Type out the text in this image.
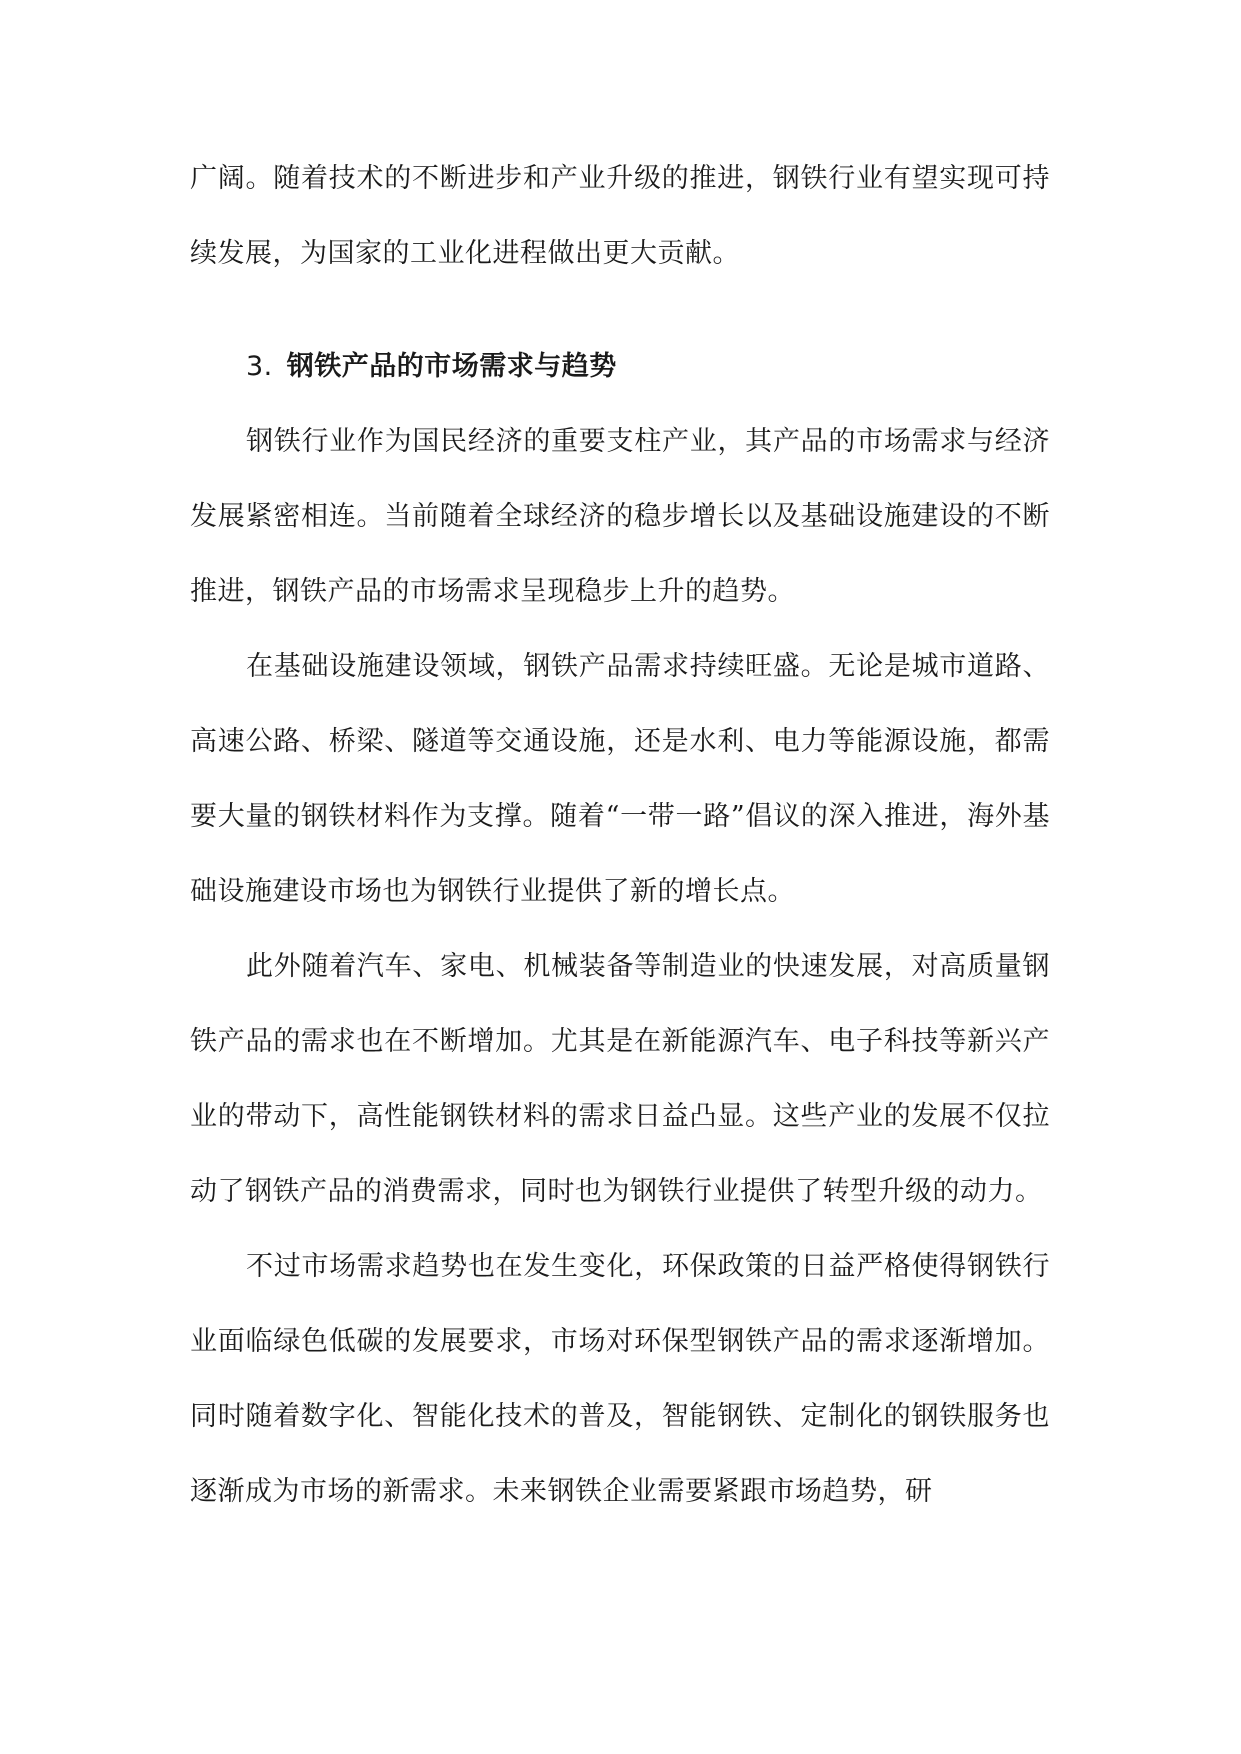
广阔。随着技术的不断进步和产业升级的推进，钢铁行业有望实现可持续发展，为国家的工业化进程做出更大贡献。

3. 钢铁产品的市场需求与趋势

钢铁行业作为国民经济的重要支柱产业，其产品的市场需求与经济发展紧密相连。当前随着全球经济的稳步增长以及基础设施建设的不断推进，钢铁产品的市场需求呈现稳步上升的趋势。

在基础设施建设领域，钢铁产品需求持续旺盛。无论是城市道路、高速公路、桥梁、隧道等交通设施，还是水利、电力等能源设施，都需要大量的钢铁材料作为支撑。随着“一带一路”倡议的深入推进，海外基础设施建设市场也为钢铁行业提供了新的增长点。

此外随着汽车、家电、机械装备等制造业的快速发展，对高质量钢铁产品的需求也在不断增加。尤其是在新能源汽车、电子科技等新兴产业的带动下，高性能钢铁材料的需求日益凸显。这些产业的发展不仅拉动了钢铁产品的消费需求，同时也为钢铁行业提供了转型升级的动力。

不过市场需求趋势也在发生变化，环保政策的日益严格使得钢铁行业面临绿色低碳的发展要求，市场对环保型钢铁产品的需求逐渐增加。同时随着数字化、智能化技术的普及，智能钢铁、定制化的钢铁服务也逐渐成为市场的新需求。未来钢铁企业需要紧跟市场趋势，研
